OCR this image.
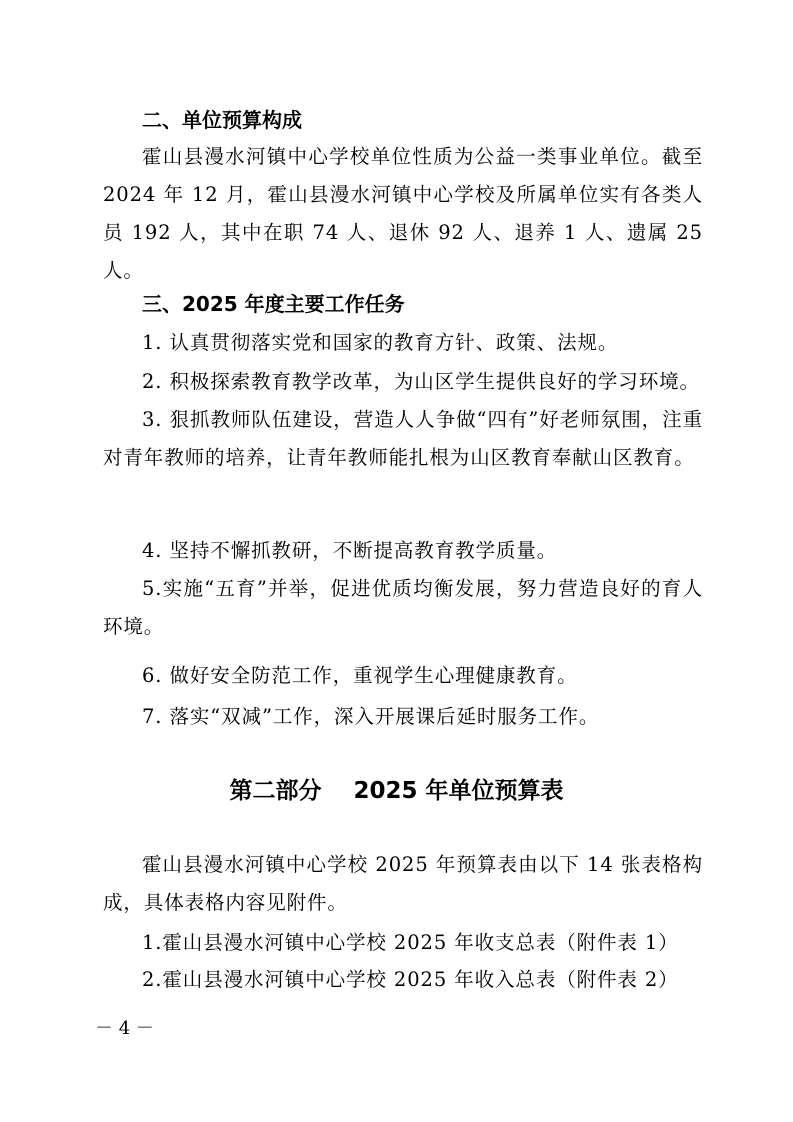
二、单位预算构成
霍山县漫水河镇中心学校单位性质为公益一类事业单位。截至 2024 年 12 月，霍山县漫水河镇中心学校及所属单位实有各类人员 192 人，其中在职 74 人、退休 92 人、退养 1 人、遗属 25 人。
三、2025 年度主要工作任务
1. 认真贯彻落实党和国家的教育方针、政策、法规。
2. 积极探索教育教学改革，为山区学生提供良好的学习环境。
3. 狠抓教师队伍建设，营造人人争做“四有”好老师氛围，注重对青年教师的培养，让青年教师能扎根为山区教育奉献山区教育。
4. 坚持不懈抓教研，不断提高教育教学质量。
5.实施“五育”并举，促进优质均衡发展，努力营造良好的育人环境。
6. 做好安全防范工作，重视学生心理健康教育。
7. 落实“双减”工作，深入开展课后延时服务工作。
第二部分    2025 年单位预算表
霍山县漫水河镇中心学校 2025 年预算表由以下 14 张表格构成，具体表格内容见附件。
1.霍山县漫水河镇中心学校 2025 年收支总表（附件表 1）
2.霍山县漫水河镇中心学校 2025 年收入总表（附件表 2）
－ 4 －
